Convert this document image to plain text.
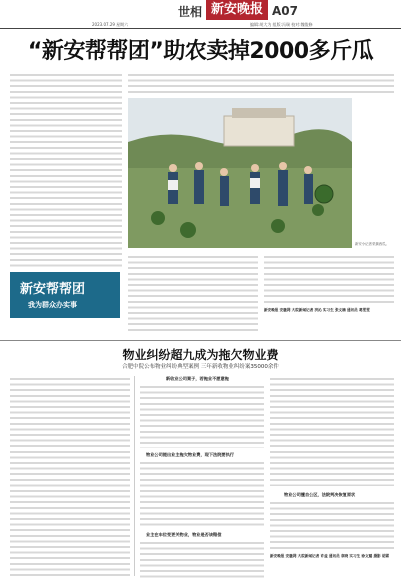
世相 新安晚报 A07
2023.07.29 星期六	编辑:胡大为 组版:冯瑞 校对:魏俊修
“新安帮帮团”助农卖掉2000多斤瓜
新安小记者采摘西瓜。
新安帮帮团
我为群众办实事
新安晚报 安徽网 大皖新闻记者 洪沁 实习生 张文楠 通讯员 葛雯雯
物业纠纷超九成为拖欠物业费
合肥中院公布物业纠纷典型案例 三年新收物业纠纷案35000余件
新收业公司案子，若拖业不愿意拖
物业公司提出业主拖欠物业费，现下法院要执行
业主在车位变更关物业，物业是否该赔偿
物业公司擅自公区，法院判决恢复原状
新安晚报 安徽网 大皖新闻记者 许益 通讯员 章晓 实习生 徐文璐 摄影 胡霖
